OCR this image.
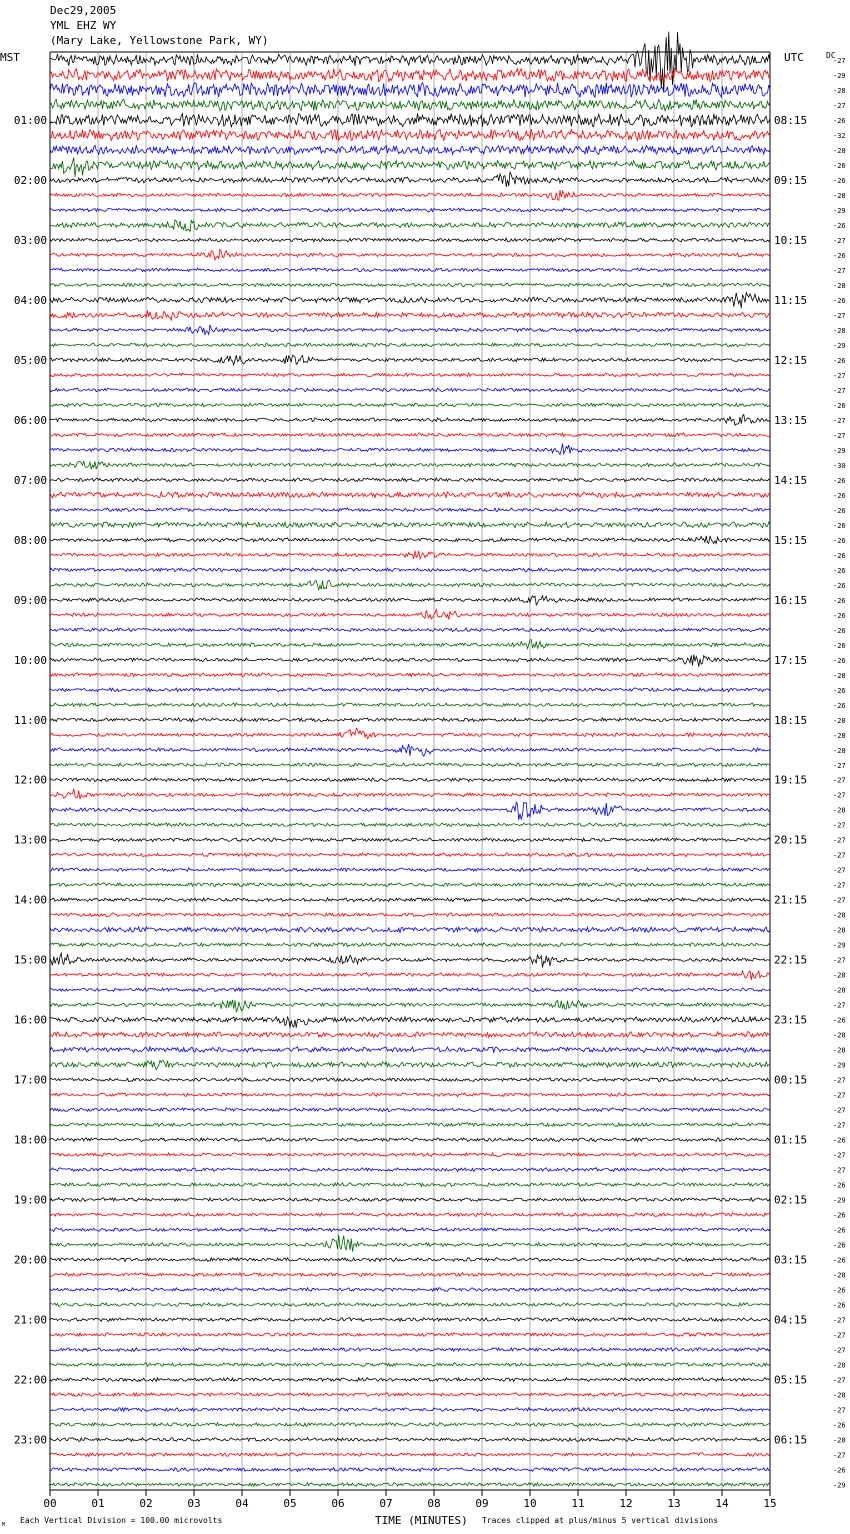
Dec29,2005
YML EHZ WY
(Mary Lake, Yellowstone Park, WY)
MST	UTC	DC
TIME (MINUTES)
Each Vertical Division = 100.00 microvolts	Traces clipped at plus/minus 5 vertical divisions
M
00	01	02	03	04	05	06	07	08	09	10	11	12	13	14	15
-27
-29
-28
-27
-26
-32
-28
-26
-26
-28
-29
-26
-27
-26
-27
-28
-26
-27
-28
-29
-26
-27
-27
-26
-27
-27
-29
-30
-26
-26
-26
-26
-26
-26
-26
-26
-26
-26
-26
-26
-26
-28
-26
-26
-28
-28
-28
-27
-27
-27
-28
-27
-27
-27
-27
-27
-27
-28
-28
-29
-27
-28
-28
-27
-26
-28
-28
-29
-27
-27
-27
-27
-26
-27
-27
-26
-29
-26
-26
-26
-26
-28
-26
-26
-27
-27
-27
-28
-27
-28
-27
-26
-28
-27
-26
-29
01:00	08:15
02:00	09:15
03:00	10:15
04:00	11:15
05:00	12:15
06:00	13:15
07:00	14:15
08:00	15:15
09:00	16:15
10:00	17:15
11:00	18:15
12:00	19:15
13:00	20:15
14:00	21:15
15:00	22:15
16:00	23:15
17:00	00:15
18:00	01:15
19:00	02:15
20:00	03:15
21:00	04:15
22:00	05:15
23:00	06:15
